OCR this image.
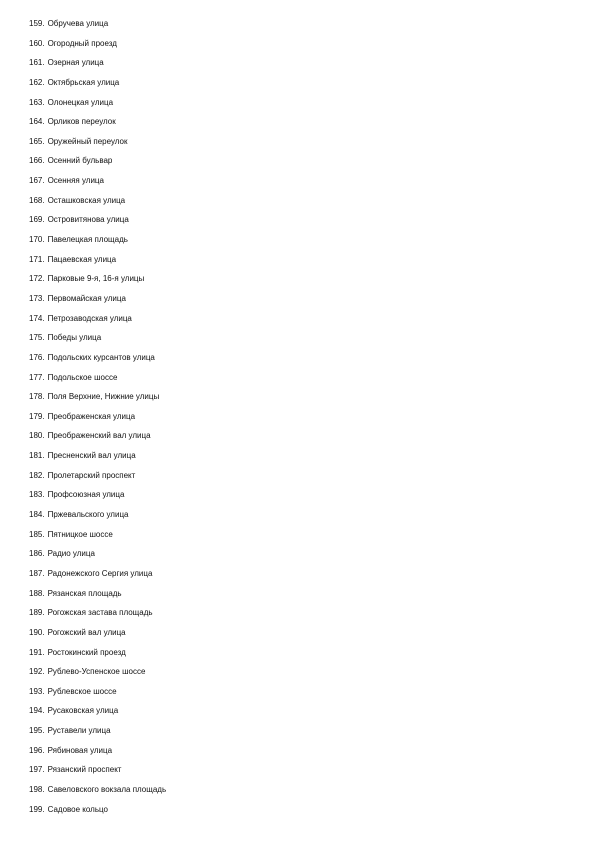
159. Обручева улица
160. Огородный проезд
161. Озерная улица
162. Октябрьская улица
163. Олонецкая улица
164. Орликов переулок
165. Оружейный переулок
166. Осенний бульвар
167. Осенняя улица
168. Осташковская улица
169. Островитянова улица
170. Павелецкая площадь
171. Пацаевская улица
172. Парковые 9-я, 16-я улицы
173. Первомайская улица
174. Петрозаводская улица
175. Победы улица
176. Подольских курсантов улица
177. Подольское шоссе
178. Поля Верхние, Нижние улицы
179. Преображенская улица
180. Преображенский вал улица
181. Пресненский вал улица
182. Пролетарский проспект
183. Профсоюзная улица
184. Пржевальского улица
185. Пятницкое шоссе
186. Радио улица
187. Радонежского Сергия улица
188. Рязанская площадь
189. Рогожская застава площадь
190. Рогожский вал улица
191. Ростокинский проезд
192. Рублево-Успенское шоссе
193. Рублевское шоссе
194. Русаковская улица
195. Руставели улица
196. Рябиновая улица
197. Рязанский проспект
198. Савеловского вокзала площадь
199. Садовое кольцо
